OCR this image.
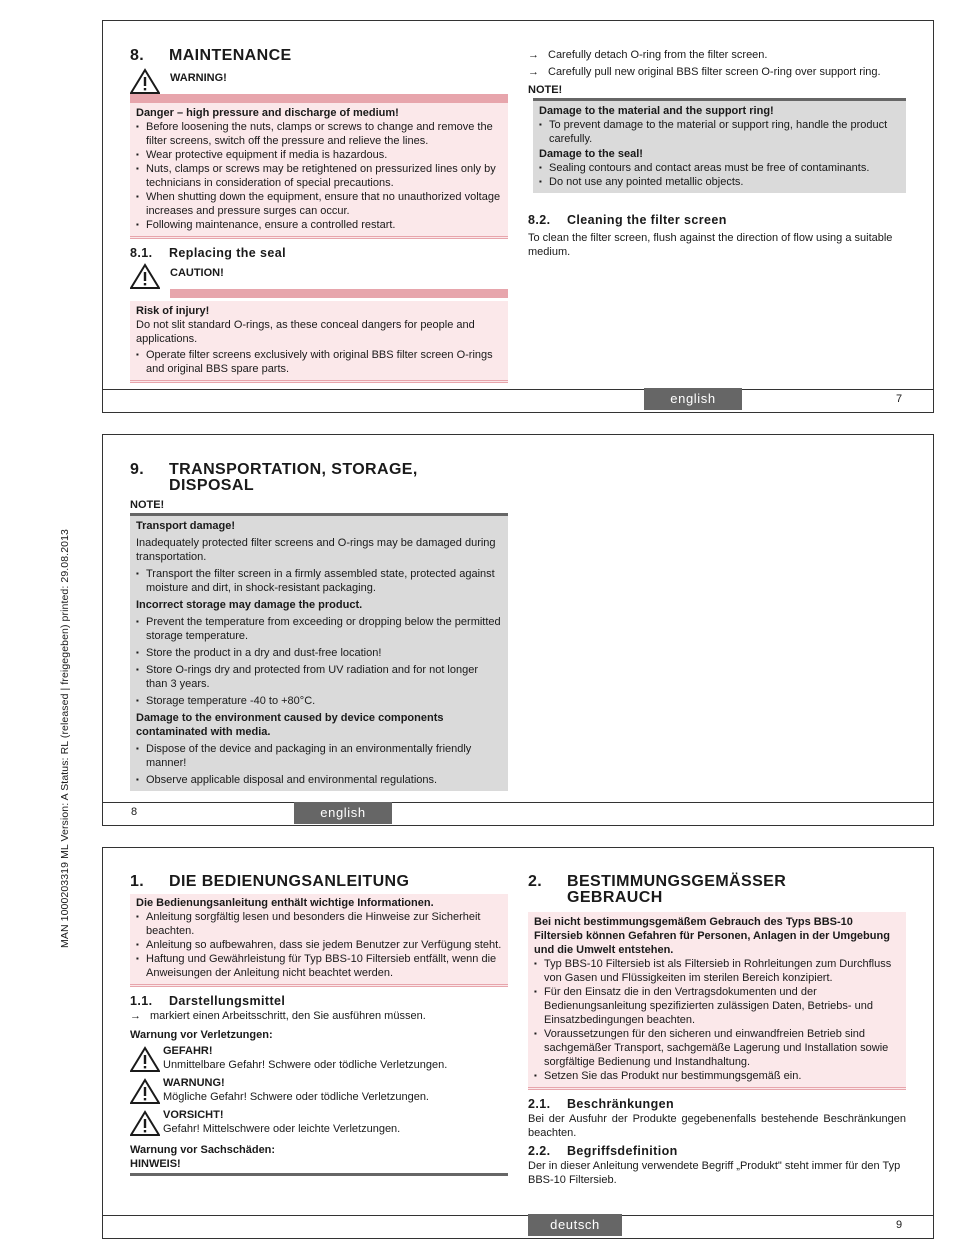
MAN 1000203319 ML Version: A Status: RL (released | freigegeben) printed: 29.08.2013
8. MAINTENANCE
WARNING!

Danger – high pressure and discharge of medium!

▪ Before loosening the nuts, clamps or screws to change and remove the filter screens, switch off the pressure and relieve the lines.
▪ Wear protective equipment if media is hazardous.
▪ Nuts, clamps or screws may be retightened on pressurized lines only by technicians in consideration of special precautions.
▪ When shutting down the equipment, ensure that no unauthorized voltage increases and pressure surges can occur.
▪ Following maintenance, ensure a controlled restart.
8.1. Replacing the seal
CAUTION!

Risk of injury!

Do not slit standard O-rings, as these conceal dangers for people and applications.

▪ Operate filter screens exclusively with original BBS filter screen O-rings and original BBS spare parts.
→ Carefully detach O-ring from the filter screen.
→ Carefully pull new original BBS filter screen O-ring over support ring.

NOTE!

Damage to the material and the support ring!

▪ To prevent damage to the material or support ring, handle the product carefully.

Damage to the seal!

▪ Sealing contours and contact areas must be free of contaminants.
▪ Do not use any pointed metallic objects.
8.2. Cleaning the filter screen

To clean the filter screen, flush against the direction of flow using a suitable medium.

english	7
9. TRANSPORTATION, STORAGE,
DISPOSAL

NOTE!

Transport damage!

Inadequately protected filter screens and O-rings may be damaged during transportation.

▪ Transport the filter screen in a firmly assembled state, protected against moisture and dirt, in shock-resistant packaging.

Incorrect storage may damage the product.

▪ Prevent the temperature from exceeding or dropping below the permitted storage temperature.
▪ Store the product in a dry and dust-free location!
▪ Store O-rings dry and protected from UV radiation and for not longer than 3 years.
▪ Storage temperature -40 to +80°C.

Damage to the environment caused by device components contaminated with media.

▪ Dispose of the device and packaging in an environmentally friendly manner!
▪ Observe applicable disposal and environmental regulations.
8	english
1. DIE BEDIENUNGSANLEITUNG

Die Bedienungsanleitung enthält wichtige Informationen.

▪ Anleitung sorgfältig lesen und besonders die Hinweise zur Sicherheit beachten.
▪ Anleitung so aufbewahren, dass sie jedem Benutzer zur Verfügung steht.
▪ Haftung und Gewährleistung für Typ BBS-10 Filtersieb entfällt, wenn die Anweisungen der Anleitung nicht beachtet werden.
1.1. Darstellungsmittel
→ markiert einen Arbeitsschritt, den Sie ausführen müssen.

Warnung vor Verletzungen:

GEFAHR!

Unmittelbare Gefahr! Schwere oder tödliche Verletzungen.

WARNUNG!

Mögliche Gefahr! Schwere oder tödliche Verletzungen.

VORSICHT!

Gefahr! Mittelschwere oder leichte Verletzungen.

Warnung vor Sachschäden:

HINWEIS!

2. BESTIMMUNGSGEMÄSSER
GEBRAUCH

Bei nicht bestimmungsgemäßem Gebrauch des Typs BBS-10 Filtersieb können Gefahren für Personen, Anlagen in der Umgebung und die Umwelt entstehen.

▪ Typ BBS-10 Filtersieb ist als Filtersieb in Rohrleitungen zum Durchfluss von Gasen und Flüssigkeiten im sterilen Bereich konzipiert.
▪ Für den Einsatz die in den Vertragsdokumenten und der Bedienungsanleitung spezifizierten zulässigen Daten, Betriebs- und Einsatzbedingungen beachten.
▪ Voraussetzungen für den sicheren und einwandfreien Betrieb sind sachgemäßer Transport, sachgemäße Lagerung und Installation sowie sorgfältige Bedienung und Instandhaltung.
▪ Setzen Sie das Produkt nur bestimmungsgemäß ein.
2.1. Beschränkungen

Bei der Ausfuhr der Produkte gegebenenfalls bestehende Beschränkungen beachten.

2.2. Begriffsdefinition

Der in dieser Anleitung verwendete Begriff „Produkt" steht immer für den Typ BBS-10 Filtersieb.

deutsch	9
